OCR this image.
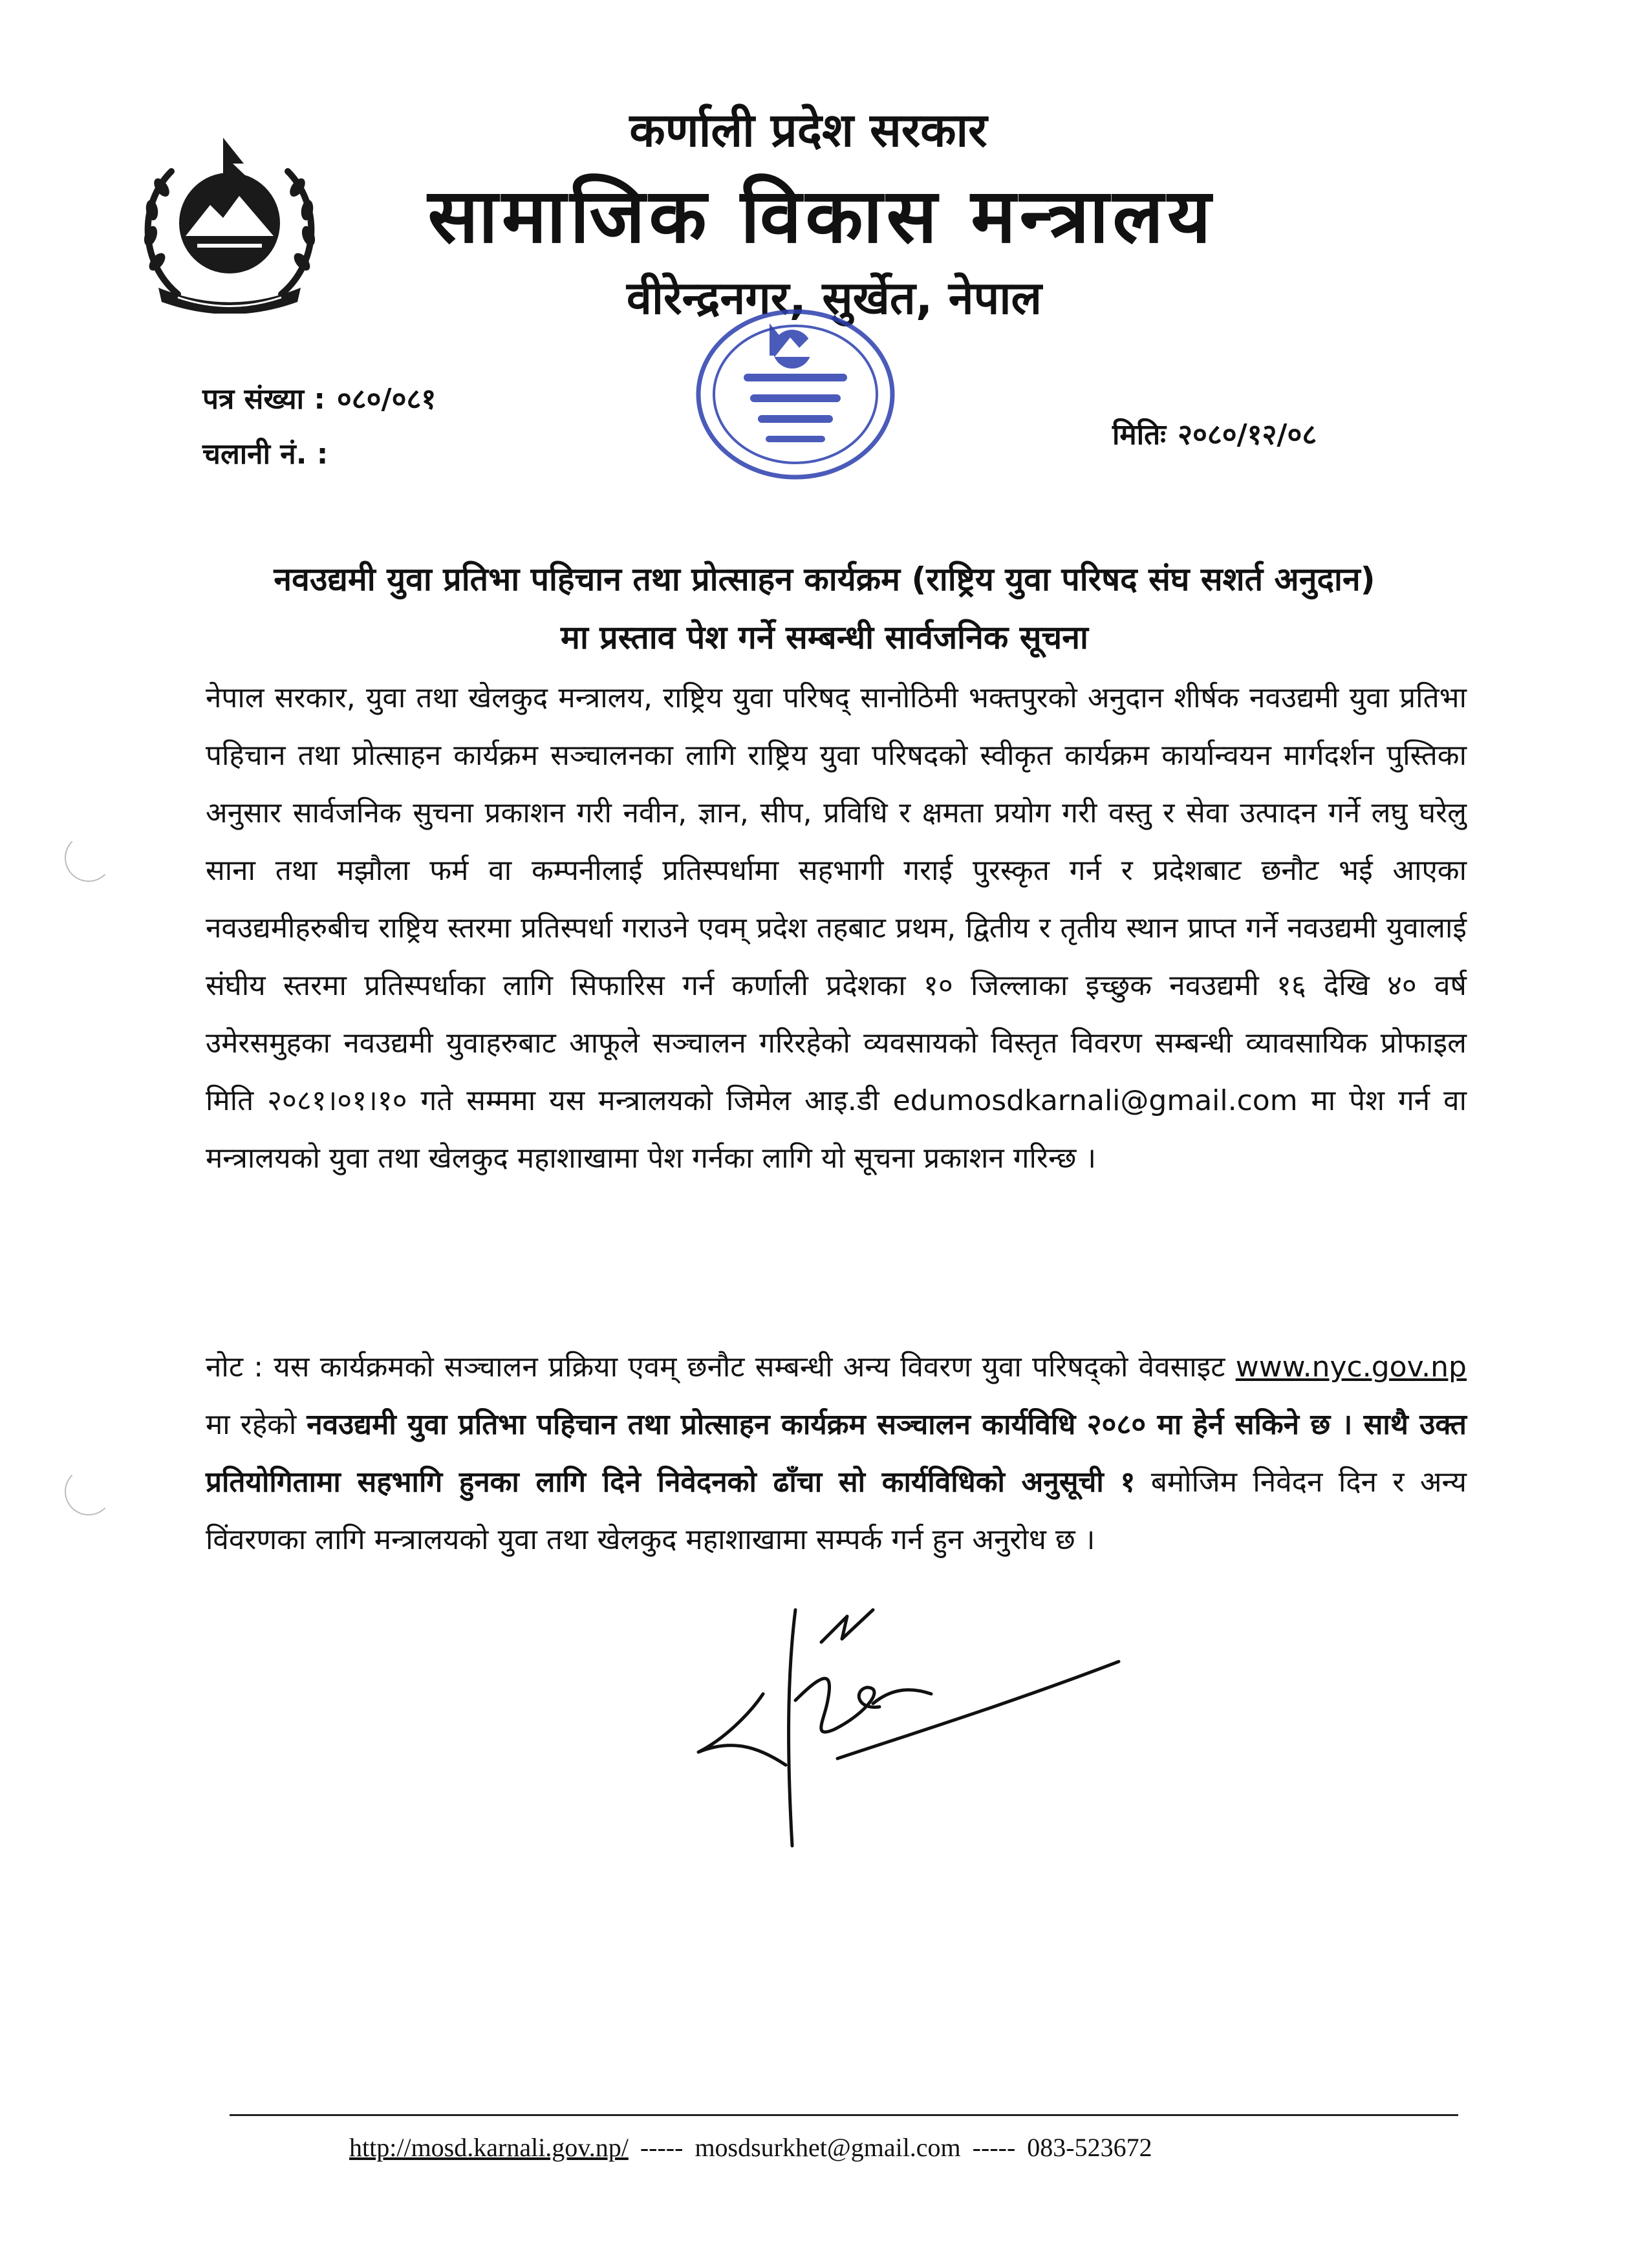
कर्णाली प्रदेश सरकार
सामाजिक विकास मन्त्रालय
वीरेन्द्रनगर, सुर्खेत, नेपाल
पत्र संख्या : ०८०/०८१
चलानी नं. :
मितिः २०८०/१२/०८
नवउद्यमी युवा प्रतिभा पहिचान तथा प्रोत्साहन कार्यक्रम (राष्ट्रिय युवा परिषद संघ सशर्त अनुदान)
मा प्रस्ताव पेश गर्ने सम्बन्धी सार्वजनिक सूचना
नेपाल सरकार, युवा तथा खेलकुद मन्त्रालय, राष्ट्रिय युवा परिषद् सानोठिमी भक्तपुरको अनुदान शीर्षक नवउद्यमी युवा प्रतिभा पहिचान तथा प्रोत्साहन कार्यक्रम सञ्चालनका लागि राष्ट्रिय युवा परिषदको स्वीकृत कार्यक्रम कार्यान्वयन मार्गदर्शन पुस्तिका अनुसार सार्वजनिक सुचना प्रकाशन गरी नवीन, ज्ञान, सीप, प्रविधि र क्षमता प्रयोग गरी वस्तु र सेवा उत्पादन गर्ने लघु घरेलु साना तथा मझौला फर्म वा कम्पनीलाई प्रतिस्पर्धामा सहभागी गराई पुरस्कृत गर्न र प्रदेशबाट छनौट भई आएका नवउद्यमीहरुबीच राष्ट्रिय स्तरमा प्रतिस्पर्धा गराउने एवम् प्रदेश तहबाट प्रथम, द्वितीय र तृतीय स्थान प्राप्त गर्ने नवउद्यमी युवालाई संघीय स्तरमा प्रतिस्पर्धाका लागि सिफारिस गर्न कर्णाली प्रदेशका १० जिल्लाका इच्छुक नवउद्यमी १६ देखि ४० वर्ष उमेरसमुहका नवउद्यमी युवाहरुबाट आफूले सञ्चालन गरिरहेको व्यवसायको विस्तृत विवरण सम्बन्धी व्यावसायिक प्रोफाइल मिति २०८१।०१।१० गते सम्ममा यस मन्त्रालयको जिमेल आइ.डी edumosdkarnali@gmail.com मा पेश गर्न वा मन्त्रालयको युवा तथा खेलकुद महाशाखामा पेश गर्नका लागि यो सूचना प्रकाशन गरिन्छ ।
नोट : यस कार्यक्रमको सञ्चालन प्रक्रिया एवम् छनौट सम्बन्धी अन्य विवरण युवा परिषद्को वेवसाइट www.nyc.gov.np मा रहेको नवउद्यमी युवा प्रतिभा पहिचान तथा प्रोत्साहन कार्यक्रम सञ्चालन कार्यविधि २०८० मा हेर्न सकिने छ । साथै उक्त प्रतियोगितामा सहभागि हुनका लागि दिने निवेदनको ढाँचा सो कार्यविधिको अनुसूची १ बमोजिम निवेदन दिन र अन्य विंवरणका लागि मन्त्रालयको युवा तथा खेलकुद महाशाखामा सम्पर्क गर्न हुन अनुरोध छ ।
http://mosd.karnali.gov.np/ ----- mosdsurkhet@gmail.com ----- 083-523672
